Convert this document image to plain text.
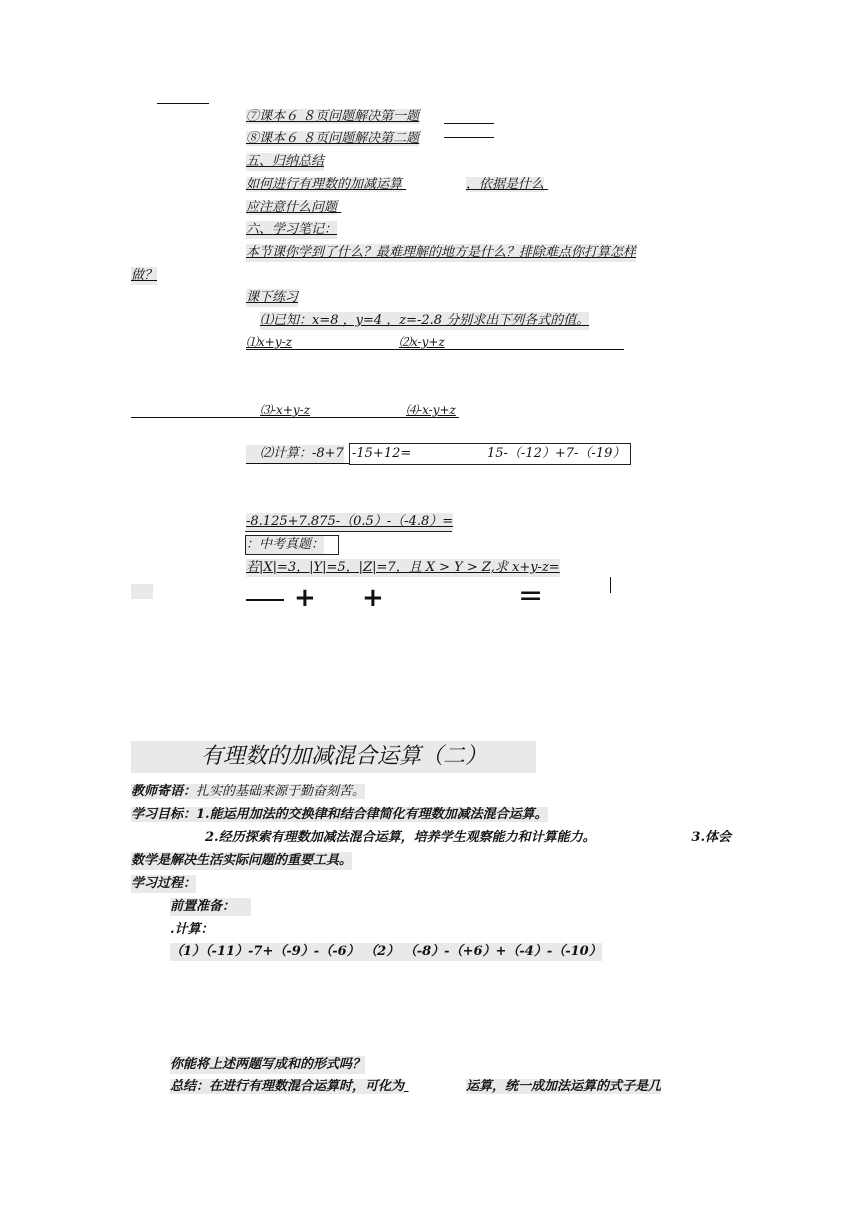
⑦课本６ ８页问题解决第一题
⑧课本６ ８页问题解决第二题
五、归纳总结
如何进行有理数的加减运算	，依据是什么
应注意什么问题
六、学习笔记：
本节课你学到了什么？最难理解的地方是什么？排除难点你打算怎样
做？
课下练习
⑴已知：x=8 ，y=4 ，z=-2.8 分别求出下列各式的值。
⑴x+y-z	⑵x-y+z
⑶-x+y-z	⑷-x-y+z
⑵计算：-8+7 -15+12=	15-（-12）+7-（-19）
-8.125+7.875-（0.5）-（-4.8）=
：中考真题：
若|X|=3，|Y|=5，|Z|=7，且 X > Y > Z,求 x+y-z=
+ +	=
有理数的加减混合运算（二）
教师寄语：扎实的基础来源于勤奋刻苦。
学习目标：1.能运用加法的交换律和结合律简化有理数加减法混合运算。
2.经历探索有理数加减法混合运算，培养学生观察能力和计算能力。	3.体会
数学是解决生活实际问题的重要工具。
学习过程：
前置准备：
.计算：
（1）（-11）-7+（-9）-（-6） （2） （-8）-（+6）+（-4）-（-10）
你能将上述两题写成和的形式吗？
总结：在进行有理数混合运算时，可化为	运算，统一成加法运算的式子是几
